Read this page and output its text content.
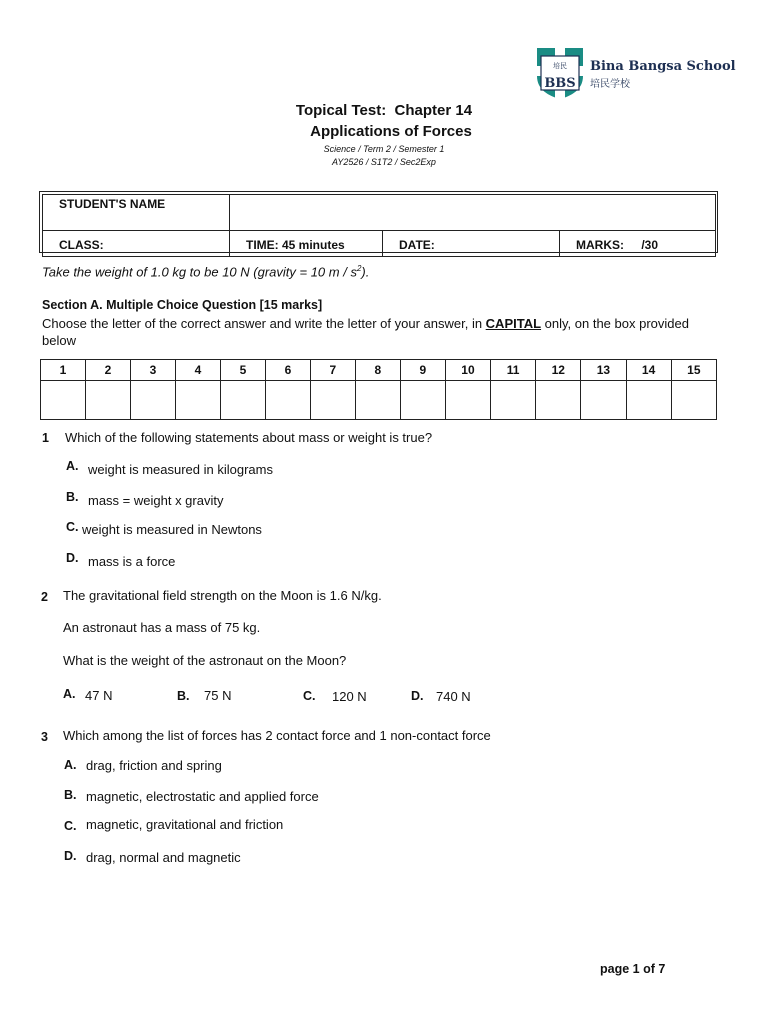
培民
BBS
Bina Bangsa School
培民学校
Topical Test:  Chapter 14
Applications of Forces
Science / Term 2 / Semester 1
AY2526 / S1T2 / Sec2Exp
STUDENT'S NAME			
CLASS:	TIME: 45 minutes	DATE:	MARKS: /30
Take the weight of 1.0 kg to be 10 N (gravity = 10 m / $s^2$).
Section A. Multiple Choice Question [15 marks]
Choose the letter of the correct answer and write the letter of your answer, in CAPITAL only, on the box provided below
1	2	3	4	5	6	7	8	9	10	11	12	13	14	15

1 Which of the following statements about mass or weight is true?
A. weight is measured in kilograms
B. mass = weight x gravity
C. weight is measured in Newtons
D. mass is a force
2 The gravitational field strength on the Moon is 1.6 N/kg.
An astronaut has a mass of 75 kg.
What is the weight of the astronaut on the Moon?
A. 47 N	B. 75 N	C. 120 N	D. 740 N
3 Which among the list of forces has 2 contact force and 1 non-contact force
A. drag, friction and spring
B. magnetic, electrostatic and applied force
C. magnetic, gravitational and friction
D. drag, normal and magnetic
page 1 of 7
